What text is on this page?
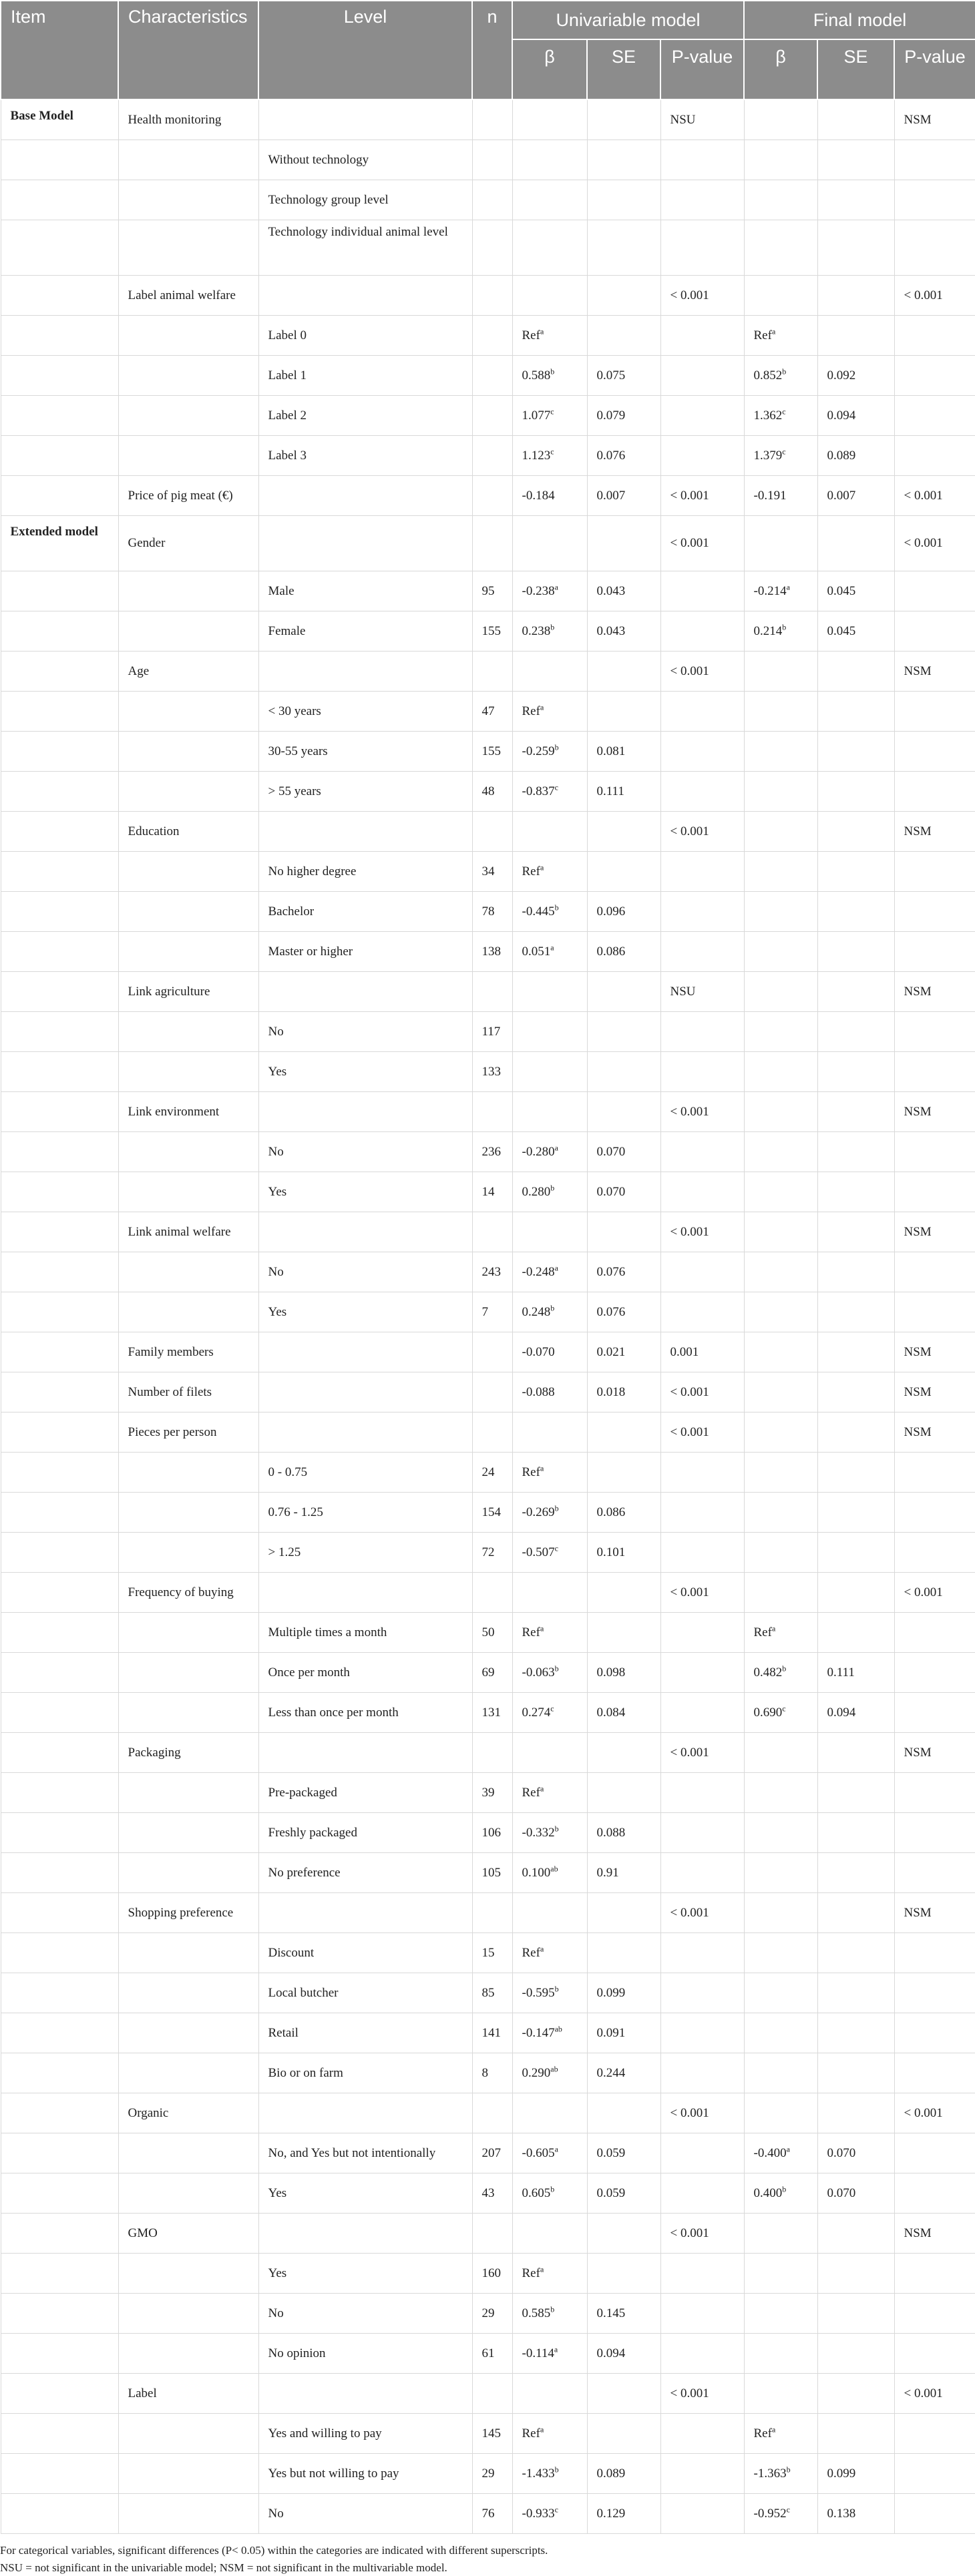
Item	Characteristics	Level	n	Univariable model			Final model		
				β	SE	P-value	β	SE	P-value
Base Model	Health monitoring					NSU			NSM
		Without technology							
		Technology group level							
		Technology individual animal level							
	Label animal welfare					< 0.001			< 0.001
		Label 0		Ref$^a$			Ref$^a$		
		Label 1		0.588$^b$	0.075		0.852$^b$	0.092	
		Label 2		1.077$^c$	0.079		1.362$^c$	0.094	
		Label 3		1.123$^c$	0.076		1.379$^c$	0.089	
	Price of pig meat (€)			-0.184	0.007	< 0.001	-0.191	0.007	< 0.001
Extended model	Gender					< 0.001			< 0.001
		Male	95	-0.238$^a$	0.043		-0.214$^a$	0.045	
		Female	155	0.238$^b$	0.043		0.214$^b$	0.045	
	Age					< 0.001			NSM
		< 30 years	47	Ref$^a$					
		30-55 years	155	-0.259$^b$	0.081				
		> 55 years	48	-0.837$^c$	0.111				
	Education					< 0.001			NSM
		No higher degree	34	Ref$^a$					
		Bachelor	78	-0.445$^b$	0.096				
		Master or higher	138	0.051$^a$	0.086				
	Link agriculture					NSU			NSM
		No	117						
		Yes	133						
	Link environment					< 0.001			NSM
		No	236	-0.280$^a$	0.070				
		Yes	14	0.280$^b$	0.070				
	Link animal welfare					< 0.001			NSM
		No	243	-0.248$^a$	0.076				
		Yes	7	0.248$^b$	0.076				
	Family members			-0.070	0.021	0.001			NSM
	Number of filets			-0.088	0.018	< 0.001			NSM
	Pieces per person					< 0.001			NSM
		0 - 0.75	24	Ref$^a$					
		0.76 - 1.25	154	-0.269$^b$	0.086				
		> 1.25	72	-0.507$^c$	0.101				
	Frequency of buying					< 0.001			< 0.001
		Multiple times a month	50	Ref$^a$			Ref$^a$		
		Once per month	69	-0.063$^b$	0.098		0.482$^b$	0.111	
		Less than once per month	131	0.274$^c$	0.084		0.690$^c$	0.094	
	Packaging					< 0.001			NSM
		Pre-packaged	39	Ref$^a$					
		Freshly packaged	106	-0.332$^b$	0.088				
		No preference	105	0.100$^{ab}$	0.91				
	Shopping preference					< 0.001			NSM
		Discount	15	Ref$^a$					
		Local butcher	85	-0.595$^b$	0.099				
		Retail	141	-0.147$^{ab}$	0.091				
		Bio or on farm	8	0.290$^{ab}$	0.244				
	Organic					< 0.001			< 0.001
		No, and Yes but not intentionally	207	-0.605$^a$	0.059		-0.400$^a$	0.070	
		Yes	43	0.605$^b$	0.059		0.400$^b$	0.070	
	GMO					< 0.001			NSM
		Yes	160	Ref$^a$					
		No	29	0.585$^b$	0.145				
		No opinion	61	-0.114$^a$	0.094				
	Label					< 0.001			< 0.001
		Yes and willing to pay	145	Ref$^a$			Ref$^a$		
		Yes but not willing to pay	29	-1.433$^b$	0.089		-1.363$^b$	0.099	
		No	76	-0.933$^c$	0.129		-0.952$^c$	0.138	
For categorical variables, significant differences (P< 0.05) within the categories are indicated with different superscripts.
NSU = not significant in the univariable model; NSM = not significant in the multivariable model.
